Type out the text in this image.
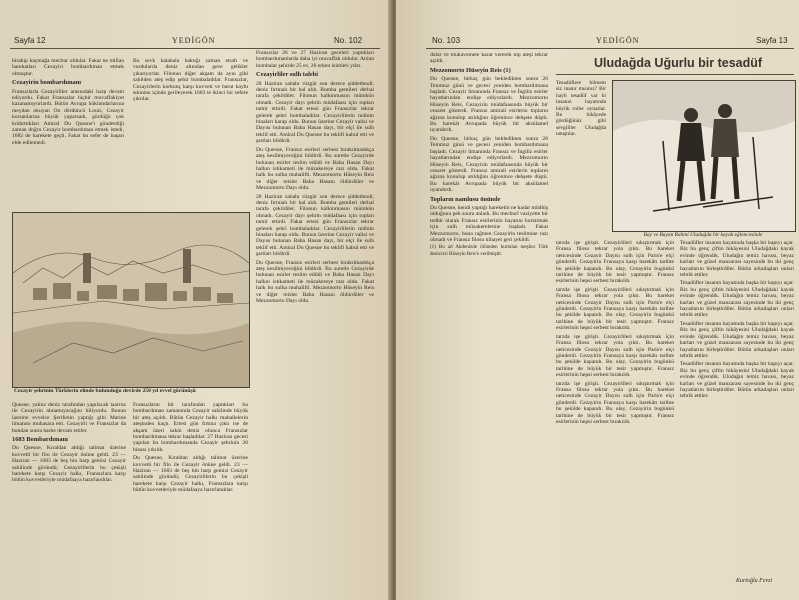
Sayfa 12	YEDİGÖN	No. 102

birakip kaçmağa mecbur oldular. Fakat ne millan harekatları Cezayiri bombardıman etmek olmuştur.

Cezayirin bombardımanı

Fransızlarla Cezayirliler arasındaki harp devam ediyordu. Fakat Fransızlar hiçbir muvaffakiyet kazanamıyorlardı. Bütün Avrupa hükümdarlarına meydan okuyan On dördüncü Louis, Cezayir korsanlarına büyük yaparsadı, gördüğü çok kıldırttıkları Amiral Du Quesne'i gönderdiği zaman doğru Cezayir bombardıman etmek istedi, 1682 de harekete geçti. Fakat bu sefer de başarı elde edilemedi.

Bu sevk kalabala baktığı zaman etrafı ve vurdularda deniz altından gece gelikler çıkarıyorlar. Filonun diğer akşam da aynı gibi sahilden ateş edip şehir bombaladılar. Fransızlar, Cezayirlerin korkunç karşı kuvveti ve barut kaybı sıkıntısı içinde gerileyerek 1683 te ikinci bir sefere çıktılar.

Fransızlar 26 ve 27 Haziran geceleri yaptıkları bombardımanlarda daha iyi muvaffak oldular. Atılan bombalar şehirde 25 ev, 20 erken isimleri yıktı.

Cezayirliler sulh talebi

28 Haziran sabahı rüzgâr son derece şiddetlendi; deniz fırtınalı bir hal aldı. Bomba gemileri derhal tarafa çekildiler. Filonun kalkınmasını mümkün olmadı. Cezayir dayı şehrin müdafaası için topları tamir ettirdi. Fakat ertesi gün Fransızlar tekrar gelerek şehri bombaladılar. Cezayirlilerin mühim binaları harap oldu. Bunun üzerine Cezayir valisi ve Dayısı bulunan Baba Hasan dayı, bir elçi ile sulh teklif etti. Amiral Du Quesne bu teklifi kabul etti ve şartları bildirdi.

Du Quesne, Fransız esirleri serbest bırakılmadıkça ateş kesilmiyeceğini bildirdi. Bu suretle Cezayirde bulunan esirler teslim edildi ve Baba Hasan Dayı halkın istikameti ile müzakereye razı oldu. Fakat halk bu sulha muhalifti. Mezzomorto Hüseyin Reis ve diğer reisler Baba Hasanı öldürdüler ve Mezzomorto Dayı oldu.

28 Haziran sabahı rüzgâr son derece şiddetlendi; deniz fırtınalı bir hal aldı. Bomba gemileri derhal tarafa çekildiler. Filonun kalkınmasını mümkün olmadı. Cezayir dayı şehrin müdafaası için topları tamir ettirdi. Fakat ertesi gün Fransızlar tekrar gelerek şehri bombaladılar. Cezayirlilerin mühim binaları harap oldu. Bunun üzerine Cezayir valisi ve Dayısı bulunan Baba Hasan dayı, bir elçi ile sulh teklif etti. Amiral Du Quesne bu teklifi kabul etti ve şartları bildirdi.

Du Quesne, Fransız esirleri serbest bırakılmadıkça ateş kesilmiyeceğini bildirdi. Bu suretle Cezayirde bulunan esirler teslim edildi ve Baba Hasan Dayı halkın istikameti ile müzakereye razı oldu. Fakat halk bu sulha muhalifti. Mezzomorto Hüseyin Reis ve diğer reisler Baba Hasanı öldürdüler ve Mezzomorto Dayı oldu.

Cezayir şehrinin Türklerin elinde bulunduğu devirde 250 yıl evvel görünüşü

Quesne, yalnız deniz tarafından yapılacak taarruz ile Cezayirin alınamıyacağını biliyordu. Bunun üzerine evvelce Şerifenin yaptığı gibi Marine limanını muhasara etti. Cezayirli ve Fransızlar da bundan sonra harbe devam ettiler.

1683 Bombardımanı

Du Quesne, Kıraldan aldığı talimat üzerine kuvvetli bir filo ile Cezayir önüne geldi. 23 — Haziran — 1683 de beş bin harp gemisi Cezayir sahilinde göründü; Cezayirlilerin bu çekişli harekete karşı Cezayir halkı, Fransızlara karşı bütün kuvvetleriyle müdafaaya hazırlandılar.

Fransızların bir tarafından yaptıkları bu bombardıman zamanında Cezayir sahilinde büyük bir ateş açıldı. Bütün Cezayir halkı mahallelerin ateşinden kaçtı. Ertesi gün fırtına çıktı ise de akşam üzeri sakin deniz olunca Fransızlar bombardımana tekrar başladılar. 27 Haziran gecesi yapılan bu bombardımanda Cezayir şehrinin 20 binası yıkıldı.

Du Quesne, Kıraldan aldığı talimat üzerine kuvvetli bir filo ile Cezayir önüne geldi. 23 — Haziran — 1683 de beş bin harp gemisi Cezayir sahilinde göründü; Cezayirlilerin bu çekişli harekete karşı Cezayir halkı, Fransızlara karşı bütün kuvvetleriyle müdafaaya hazırlandılar.

No. 103	YEDİGÖN	Sayfa 13

dular ve mukavemete karar vererek top ateşi tekrar açıldı.

Mezzomorto Hüseyin Reis (1)

Du Quesne, birkaç gün bekledikten sonra 26 Temmuz günü ve gecesi yeniden bombardımana başladı. Cezayir limanında Fransız ve İngiliz esirler hayatlarından endişe ediyorlardı. Mezzomorto Hüseyin Reis, Cezayirin müdafaasında büyük bir cesaret gösterdi. Fransız amirali esirlerin topların ağzına konulup atıldığını öğrenince dehşete düştü. Bu harekât Avrupada büyük bir aksülamel uyandırdı.

Du Quesne, birkaç gün bekledikten sonra 26 Temmuz günü ve gecesi yeniden bombardımana başladı. Cezayir limanında Fransız ve İngiliz esirler hayatlarından endişe ediyorlardı. Mezzomorto Hüseyin Reis, Cezayirin müdafaasında büyük bir cesaret gösterdi. Fransız amirali esirlerin topların ağzına konulup atıldığını öğrenince dehşete düştü. Bu harekât Avrupada büyük bir aksülamel uyandırdı.

Topların namlusu önünde

Du Quesne, kendi yaptığı hareketin ne kadar müdhiş olduğunu pek sonra anladı. Bu mecburî vaziyette bir tedbir olarak Fransız esirlerinin hayatını kurtarmak için sulh müzakerelerine başladı. Fakat Mezzomorto, buna rağmen Cezayirin teslimine razı olmadı ve Fransız filosu nihayet geri çekildi.

(1) Bu ad Akdenizde ölümden kurtulan meşhur Türk denizcisi Hüseyin Reis'e verilmiştir.

Uludağda Uğurlu bir tesadüf

Tesadüflere bilmem siz inanır mısınız? Bir hayli tesadüf var ki insanın hayatında büyük roller oynarlar. Bu hikâyede gördüğünüz gibi sevgililer Uludağda tanıştılar.

Bay ve Bayan Rahmi Uludağda bir kayak eğlencesinde

tarzda işe girişti. Cezayirlileri sıkıştırmak için Fransa filosu tekrar yola çıktı. Bu hareket neticesinde Cezayir Dayısı sulh için Paris'e elçi gönderdi. Cezayirin Fransaya karşı harekâtı tarihte bu şekilde kapandı. Bu olay, Cezayirin bugünkü tarihine de büyük bir tesir yapmıştır. Fransız esirlerinin hepsi serbest bırakıldı.

tarzda işe girişti. Cezayirlileri sıkıştırmak için Fransa filosu tekrar yola çıktı. Bu hareket neticesinde Cezayir Dayısı sulh için Paris'e elçi gönderdi. Cezayirin Fransaya karşı harekâtı tarihte bu şekilde kapandı. Bu olay, Cezayirin bugünkü tarihine de büyük bir tesir yapmıştır. Fransız esirlerinin hepsi serbest bırakıldı.

tarzda işe girişti. Cezayirlileri sıkıştırmak için Fransa filosu tekrar yola çıktı. Bu hareket neticesinde Cezayir Dayısı sulh için Paris'e elçi gönderdi. Cezayirin Fransaya karşı harekâtı tarihte bu şekilde kapandı. Bu olay, Cezayirin bugünkü tarihine de büyük bir tesir yapmıştır. Fransız esirlerinin hepsi serbest bırakıldı.

tarzda işe girişti. Cezayirlileri sıkıştırmak için Fransa filosu tekrar yola çıktı. Bu hareket neticesinde Cezayir Dayısı sulh için Paris'e elçi gönderdi. Cezayirin Fransaya karşı harekâtı tarihte bu şekilde kapandı. Bu olay, Cezayirin bugünkü tarihine de büyük bir tesir yapmıştır. Fransız esirlerinin hepsi serbest bırakıldı.

Tesadüfler insanın hayatında başka bir kapıyı açar. Biz bu genç çiftin hikâyesini Uludağdaki kayak evinde öğrendik. Uludağın temiz havası, beyaz karları ve güzel manzarası sayesinde bu iki genç hayatlarını birleştirdiler. Bütün arkadaşları onları tebrik ettiler.

Tesadüfler insanın hayatında başka bir kapıyı açar. Biz bu genç çiftin hikâyesini Uludağdaki kayak evinde öğrendik. Uludağın temiz havası, beyaz karları ve güzel manzarası sayesinde bu iki genç hayatlarını birleştirdiler. Bütün arkadaşları onları tebrik ettiler.

Tesadüfler insanın hayatında başka bir kapıyı açar. Biz bu genç çiftin hikâyesini Uludağdaki kayak evinde öğrendik. Uludağın temiz havası, beyaz karları ve güzel manzarası sayesinde bu iki genç hayatlarını birleştirdiler. Bütün arkadaşları onları tebrik ettiler.

Tesadüfler insanın hayatında başka bir kapıyı açar. Biz bu genç çiftin hikâyesini Uludağdaki kayak evinde öğrendik. Uludağın temiz havası, beyaz karları ve güzel manzarası sayesinde bu iki genç hayatlarını birleştirdiler. Bütün arkadaşları onları tebrik ettiler.

Kurtoğlu Fevzi
